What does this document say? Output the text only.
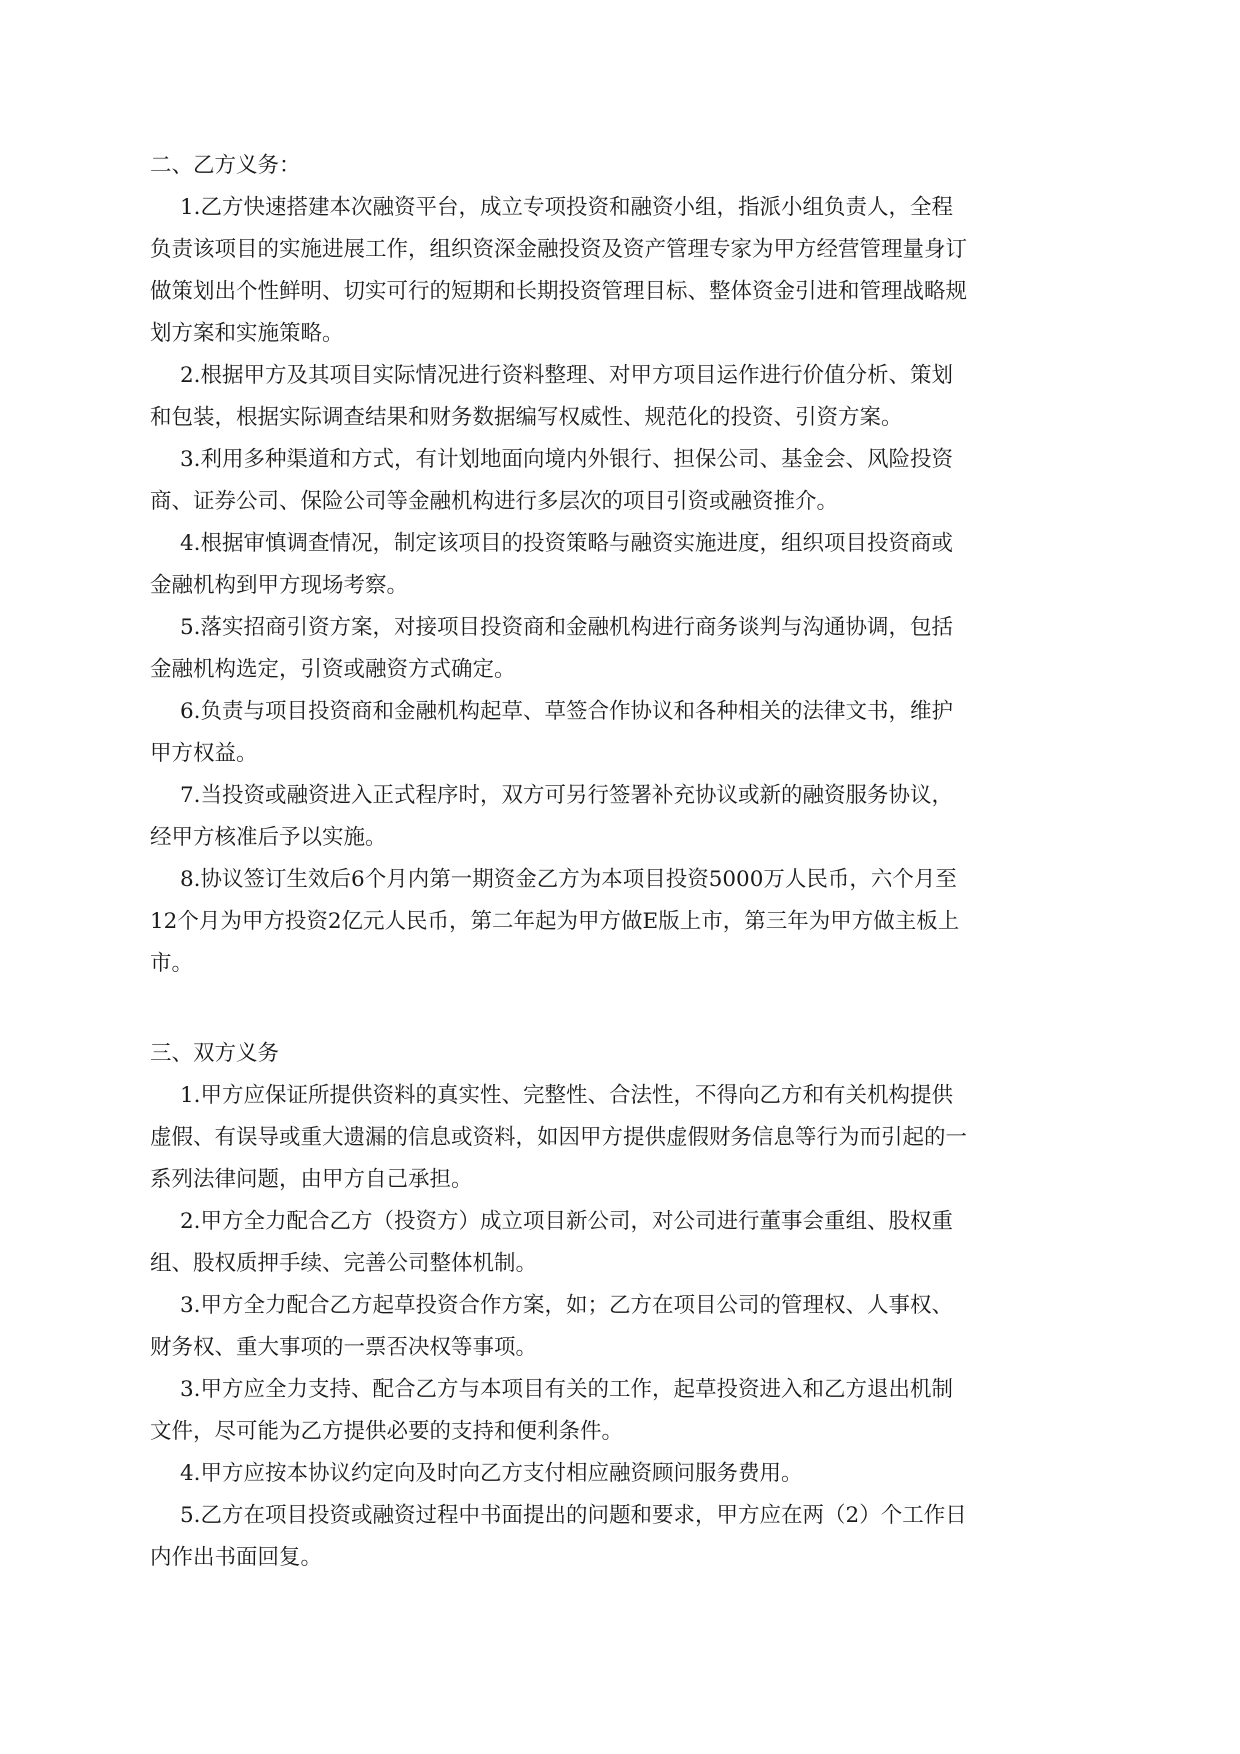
二、乙方义务：
1.乙方快速搭建本次融资平台，成立专项投资和融资小组，指派小组负责人，全程
负责该项目的实施进展工作，组织资深金融投资及资产管理专家为甲方经营管理量身订
做策划出个性鲜明、切实可行的短期和长期投资管理目标、整体资金引进和管理战略规
划方案和实施策略。
2.根据甲方及其项目实际情况进行资料整理、对甲方项目运作进行价值分析、策划
和包装，根据实际调查结果和财务数据编写权威性、规范化的投资、引资方案。
3.利用多种渠道和方式，有计划地面向境内外银行、担保公司、基金会、风险投资
商、证券公司、保险公司等金融机构进行多层次的项目引资或融资推介。
4.根据审慎调查情况，制定该项目的投资策略与融资实施进度，组织项目投资商或
金融机构到甲方现场考察。
5.落实招商引资方案，对接项目投资商和金融机构进行商务谈判与沟通协调，包括
金融机构选定，引资或融资方式确定。
6.负责与项目投资商和金融机构起草、草签合作协议和各种相关的法律文书，维护
甲方权益。
7.当投资或融资进入正式程序时，双方可另行签署补充协议或新的融资服务协议，
经甲方核准后予以实施。
8.协议签订生效后6个月内第一期资金乙方为本项目投资5000万人民币，六个月至
12个月为甲方投资2亿元人民币，第二年起为甲方做E版上市，第三年为甲方做主板上
市。
三、双方义务
1.甲方应保证所提供资料的真实性、完整性、合法性，不得向乙方和有关机构提供
虚假、有误导或重大遗漏的信息或资料，如因甲方提供虚假财务信息等行为而引起的一
系列法律问题，由甲方自己承担。
2.甲方全力配合乙方（投资方）成立项目新公司，对公司进行董事会重组、股权重
组、股权质押手续、完善公司整体机制。
3.甲方全力配合乙方起草投资合作方案，如；乙方在项目公司的管理权、人事权、
财务权、重大事项的一票否决权等事项。
3.甲方应全力支持、配合乙方与本项目有关的工作，起草投资进入和乙方退出机制
文件，尽可能为乙方提供必要的支持和便利条件。
4.甲方应按本协议约定向及时向乙方支付相应融资顾问服务费用。
5.乙方在项目投资或融资过程中书面提出的问题和要求，甲方应在两（2）个工作日
内作出书面回复。
